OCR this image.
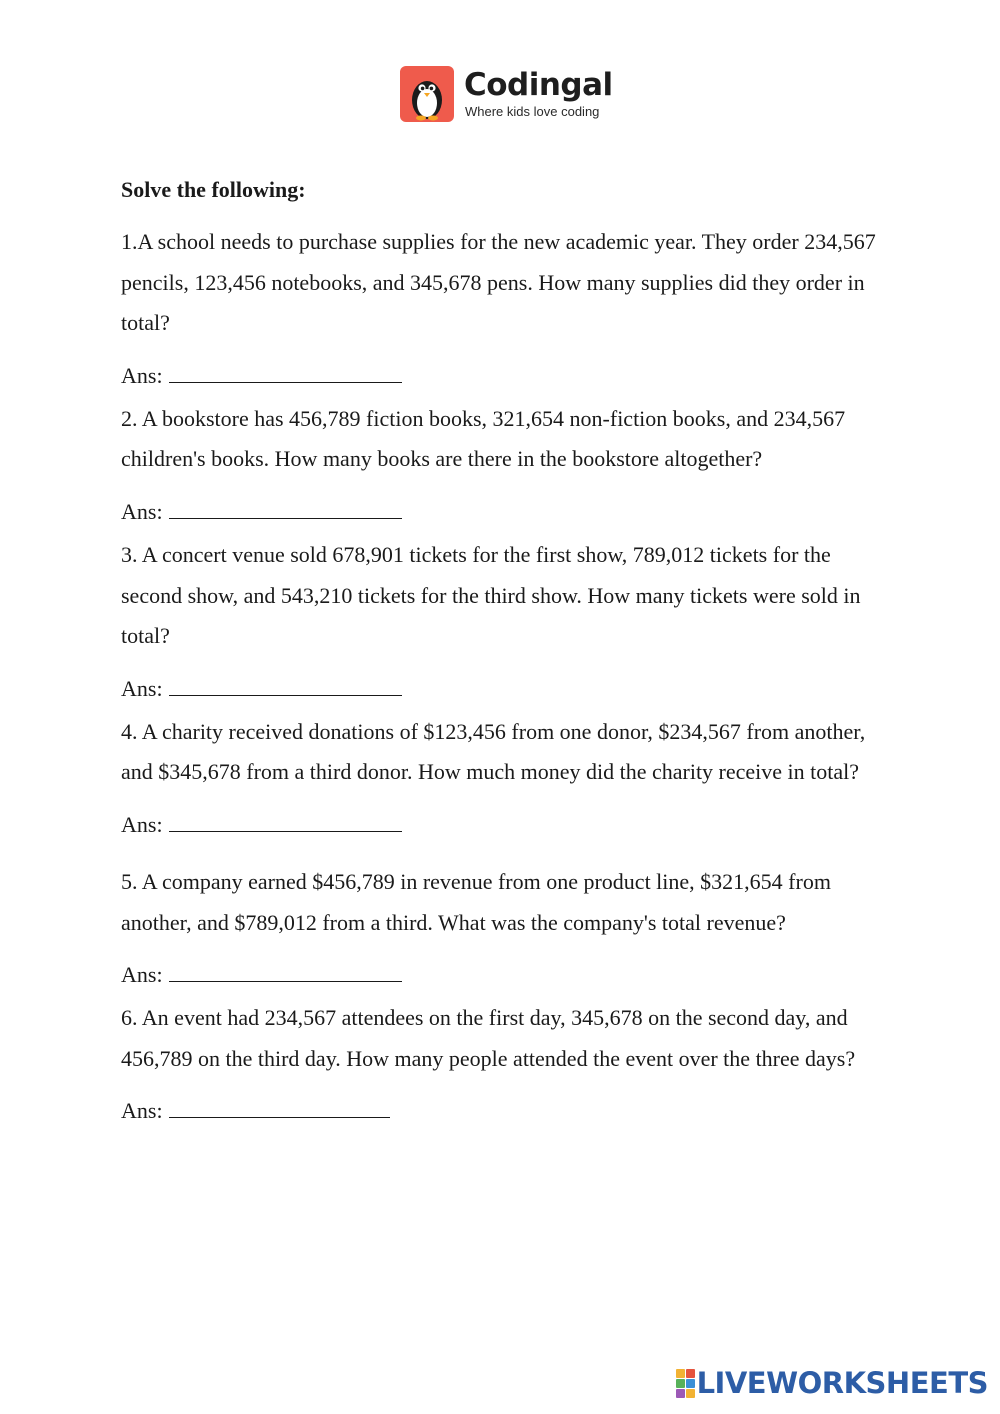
Codingal
Where kids love coding
Solve the following:

1.A school needs to purchase supplies for the new academic year. They order 234,567 pencils, 123,456 notebooks, and 345,678 pens. How many supplies did they order in total?

Ans:

2. A bookstore has 456,789 fiction books, 321,654 non-fiction books, and 234,567 children's books. How many books are there in the bookstore altogether?

Ans:

3. A concert venue sold 678,901 tickets for the first show, 789,012 tickets for the second show, and 543,210 tickets for the third show. How many tickets were sold in total?

Ans:

4. A charity received donations of $123,456 from one donor, $234,567 from another, and $345,678 from a third donor. How much money did the charity receive in total?

Ans:

5. A company earned $456,789 in revenue from one product line, $321,654 from another, and $789,012 from a third. What was the company's total revenue?

Ans:

6. An event had 234,567 attendees on the first day, 345,678 on the second day, and 456,789 on the third day. How many people attended the event over the three days?

Ans:
LIVEWORKSHEETS
